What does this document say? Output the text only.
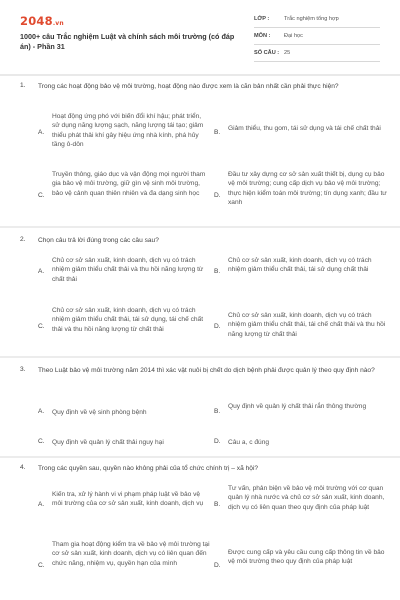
2048.vn
1000+ câu Trắc nghiệm Luật và chính sách môi trường (có đáp án) - Phần 31
LỚP :	Trắc nghiệm tổng hợp
MÔN : Đại học
SỐ CÂU : 25
1. Trong các hoạt động bảo vệ môi trường, hoạt động nào được xem là căn bản nhất cần phải thực hiện?
A.
Hoạt động ứng phó với biến đổi khí hậu; phát triển, sử dụng năng lượng sạch, năng lượng tái tạo; giảm thiểu phát thải khí gây hiệu ứng nhà kính, phá hủy tầng ô-dôn
B.
Giảm thiểu, thu gom, tái sử dụng và tái chế chất thải
C.
Truyền thông, giáo dục và vận động mọi người tham gia bảo vệ môi trường, giữ gìn vệ sinh môi trường, bảo vệ cảnh quan thiên nhiên và đa dạng sinh học	D.
Đầu tư xây dựng cơ sở sản xuất thiết bị, dụng cụ bảo vệ môi trường; cung cấp dịch vụ bảo vệ môi trường; thực hiện kiểm toán môi trường; tín dụng xanh; đầu tư xanh
2. Chọn câu trả lời đúng trong các câu sau?
A.
Chủ cơ sở sản xuất, kinh doanh, dịch vụ có trách nhiệm giảm thiểu chất thải và thu hồi năng lượng từ chất thải
B.
Chủ cơ sở sản xuất, kinh doanh, dịch vụ có trách nhiệm giảm thiểu chất thải, tái sử dụng chất thải
C.
Chủ cơ sở sản xuất, kinh doanh, dịch vụ có trách nhiệm giảm thiểu chất thải, tái sử dụng, tái chế chất thải và thu hồi năng lượng từ chất thải	D.
Chủ cơ sở sản xuất, kinh doanh, dịch vụ có trách nhiệm giảm thiểu chất thải, tái chế chất thải và thu hồi năng lượng từ chất thải
3. Theo Luật bảo vệ môi trường năm 2014 thì xác vật nuôi bị chết do dịch bệnh phải được quản lý theo quy định nào?
A. Quy định về vệ sinh phòng bệnh	B.
Quy định về quản lý chất thải rắn thông thường
C. Quy định về quản lý chất thải nguy hại	D. Câu a, c đúng
4. Trong các quyền sau, quyền nào không phải của tổ chức chính trị – xã hội?
A.
Kiến tra, xử lý hành vi vi phạm pháp luật về bảo vệ môi trường của cơ sở sản xuất, kinh doanh, dịch vụ	B.
Tư vấn, phản biện về bảo vệ môi trường với cơ quan quản lý nhà nước và chủ cơ sở sản xuất, kinh doanh, dịch vụ có liên quan theo quy định của pháp luật
C.
Tham gia hoạt động kiểm tra về bảo vệ môi trường tại cơ sở sản xuất, kinh doanh, dịch vụ có liên quan đến chức năng, nhiệm vụ, quyền hạn của mình	D.
Được cung cấp và yêu cầu cung cấp thông tin về bảo vệ môi trường theo quy định của pháp luật
